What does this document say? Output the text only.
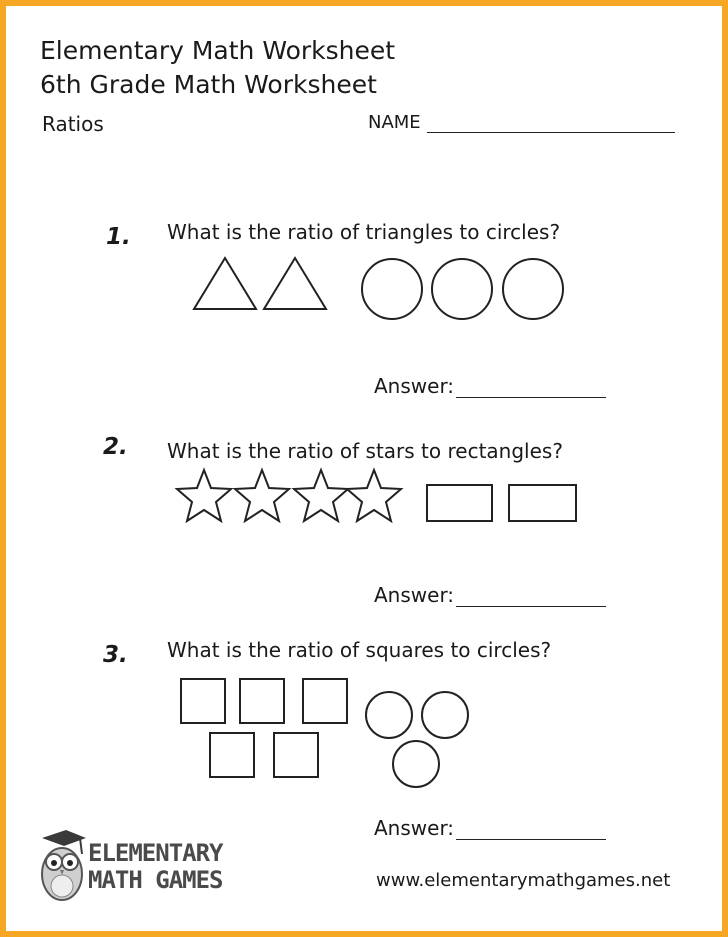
Elementary Math Worksheet
6th Grade Math Worksheet
Ratios	NAME
1. What is the ratio of triangles to circles?
Answer:
2. What is the ratio of stars to rectangles?
Answer:
3. What is the ratio of squares to circles?
Answer:
ELEMENTARY
MATH GAMES	www.elementarymathgames.net
